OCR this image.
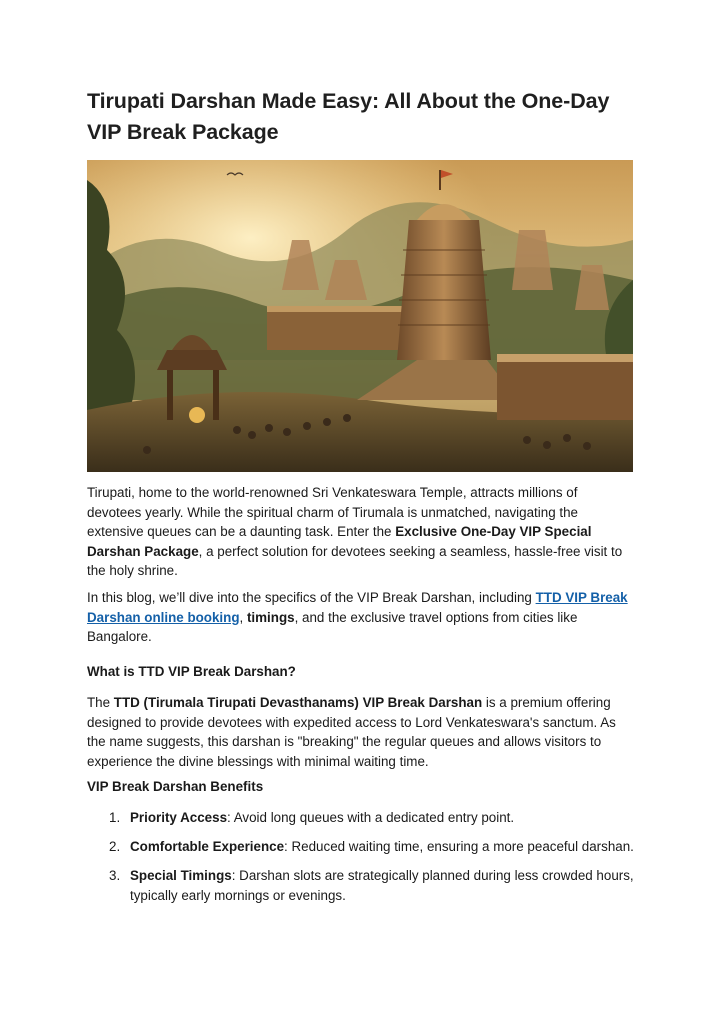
Tirupati Darshan Made Easy: All About the One-Day VIP Break Package

Tirupati, home to the world-renowned Sri Venkateswara Temple, attracts millions of devotees yearly. While the spiritual charm of Tirumala is unmatched, navigating the extensive queues can be a daunting task. Enter the Exclusive One-Day VIP Special Darshan Package, a perfect solution for devotees seeking a seamless, hassle-free visit to the holy shrine.

In this blog, we’ll dive into the specifics of the VIP Break Darshan, including TTD VIP Break Darshan online booking, timings, and the exclusive travel options from cities like Bangalore.

What is TTD VIP Break Darshan?

The TTD (Tirumala Tirupati Devasthanams) VIP Break Darshan is a premium offering designed to provide devotees with expedited access to Lord Venkateswara's sanctum. As the name suggests, this darshan is "breaking" the regular queues and allows visitors to experience the divine blessings with minimal waiting time.

VIP Break Darshan Benefits
1. Priority Access: Avoid long queues with a dedicated entry point.
2. Comfortable Experience: Reduced waiting time, ensuring a more peaceful darshan.
3. Special Timings: Darshan slots are strategically planned during less crowded hours, typically early mornings or evenings.
